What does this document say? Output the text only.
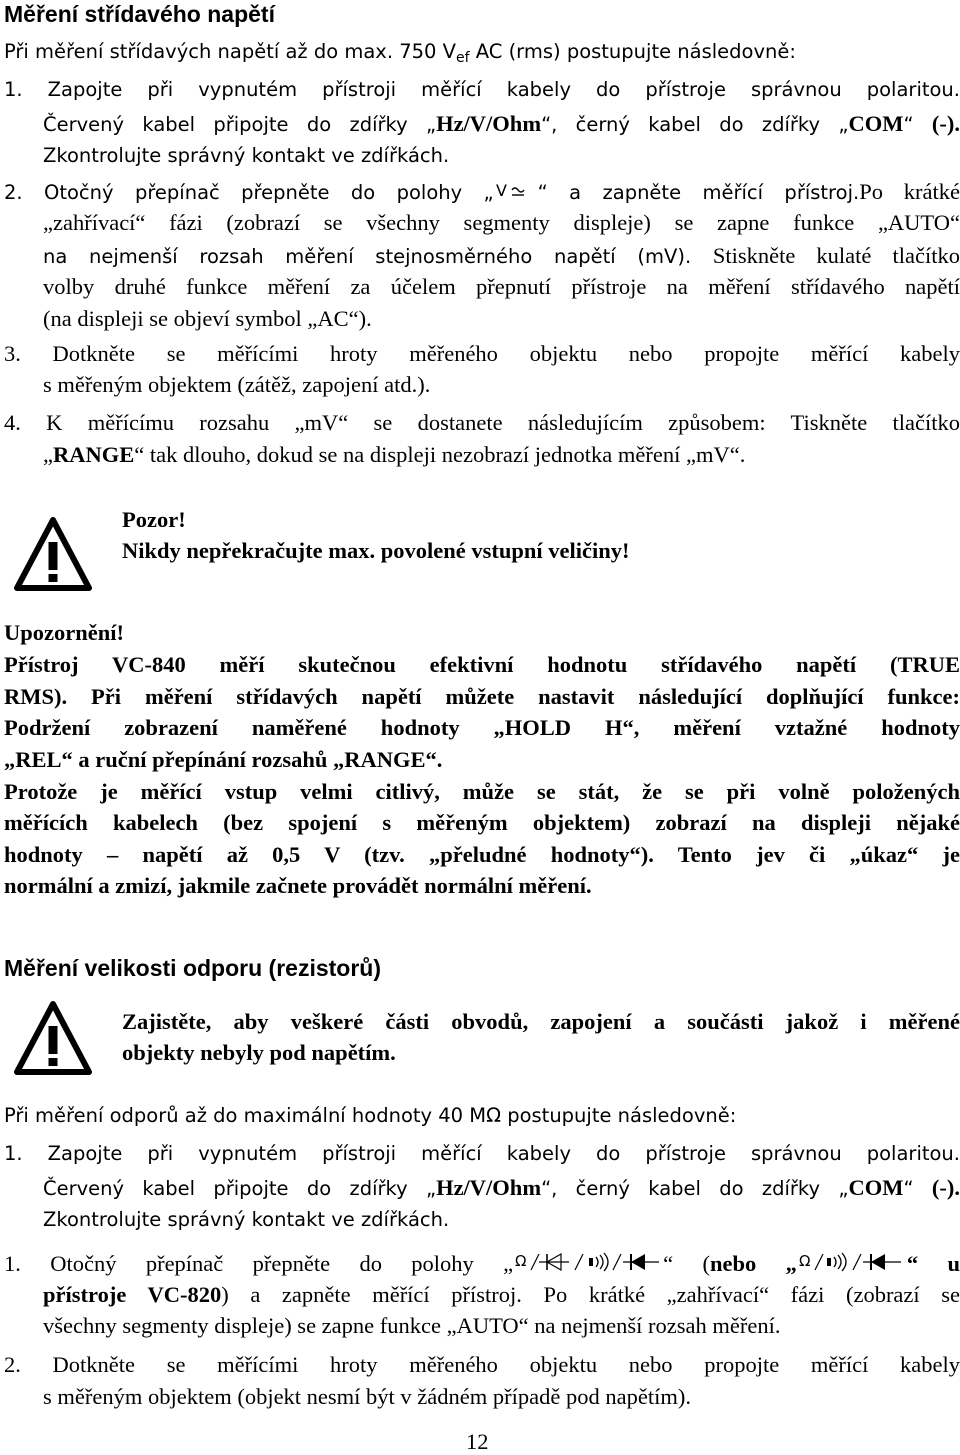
Měření střídavého napětí
Při měření střídavých napětí až do max. 750 $V_{ef}$ AC (rms) postupujte následovně:
1. Zapojte při vypnutém přístroji měřící kabely do přístroje správnou polaritou.
Červený kabel připojte do zdířky „Hz/V/Ohm“, černý kabel do zdířky „COM“ (-).
Zkontrolujte správný kontakt ve zdířkách.
2. Otočný přepínač přepněte do polohy „ V “ a zapněte měřící přístroj.Po krátké
„zahřívací“ fázi (zobrazí se všechny segmenty displeje) se zapne funkce „AUTO“
na nejmenší rozsah měření stejnosměrného napětí (mV). Stiskněte kulaté tlačítko
volby druhé funkce měření za účelem přepnutí přístroje na měření střídavého napětí
(na displeji se objeví symbol „AC“).
3. Dotkněte se měřícími hroty měřeného objektu nebo propojte měřící kabely
s měřeným objektem (zátěž, zapojení atd.).
4. K měřícímu rozsahu „mV“ se dostanete následujícím způsobem: Tiskněte tlačítko
„RANGE“ tak dlouho, dokud se na displeji nezobrazí jednotka měření „mV“.
Pozor!
Nikdy nepřekračujte max. povolené vstupní veličiny!
Upozornění!
Přístroj VC-840 měří skutečnou efektivní hodnotu střídavého napětí (TRUE
RMS). Při měření střídavých napětí můžete nastavit následující doplňující funkce:
Podržení zobrazení naměřené hodnoty „HOLD H“, měření vztažné hodnoty
„REL“ a ruční přepínání rozsahů „RANGE“.
Protože je měřící vstup velmi citlivý, může se stát, že se při volně položených
měřících kabelech (bez spojení s měřeným objektem) zobrazí na displeji nějaké
hodnoty – napětí až 0,5 V (tzv. „přeludné hodnoty“). Tento jev či „úkaz“ je
normální a zmizí, jakmile začnete provádět normální měření.
Měření velikosti odporu (rezistorů)
Zajistěte, aby veškeré části obvodů, zapojení a součásti jakož i měřené
objekty nebyly pod napětím.
Při měření odporů až do maximální hodnoty 40 MΩ postupujte následovně:
1. Zapojte při vypnutém přístroji měřící kabely do přístroje správnou polaritou.
Červený kabel připojte do zdířky „Hz/V/Ohm“, černý kabel do zdířky „COM“ (-).
Zkontrolujte správný kontakt ve zdířkách.
1. Otočný přepínač přepněte do polohy „ Ω	“ (nebo „ Ω	“ u
přístroje VC-820) a zapněte měřící přístroj. Po krátké „zahřívací“ fázi (zobrazí se
všechny segmenty displeje) se zapne funkce „AUTO“ na nejmenší rozsah měření.
2. Dotkněte se měřícími hroty měřeného objektu nebo propojte měřící kabely
s měřeným objektem (objekt nesmí být v žádném případě pod napětím).
12
